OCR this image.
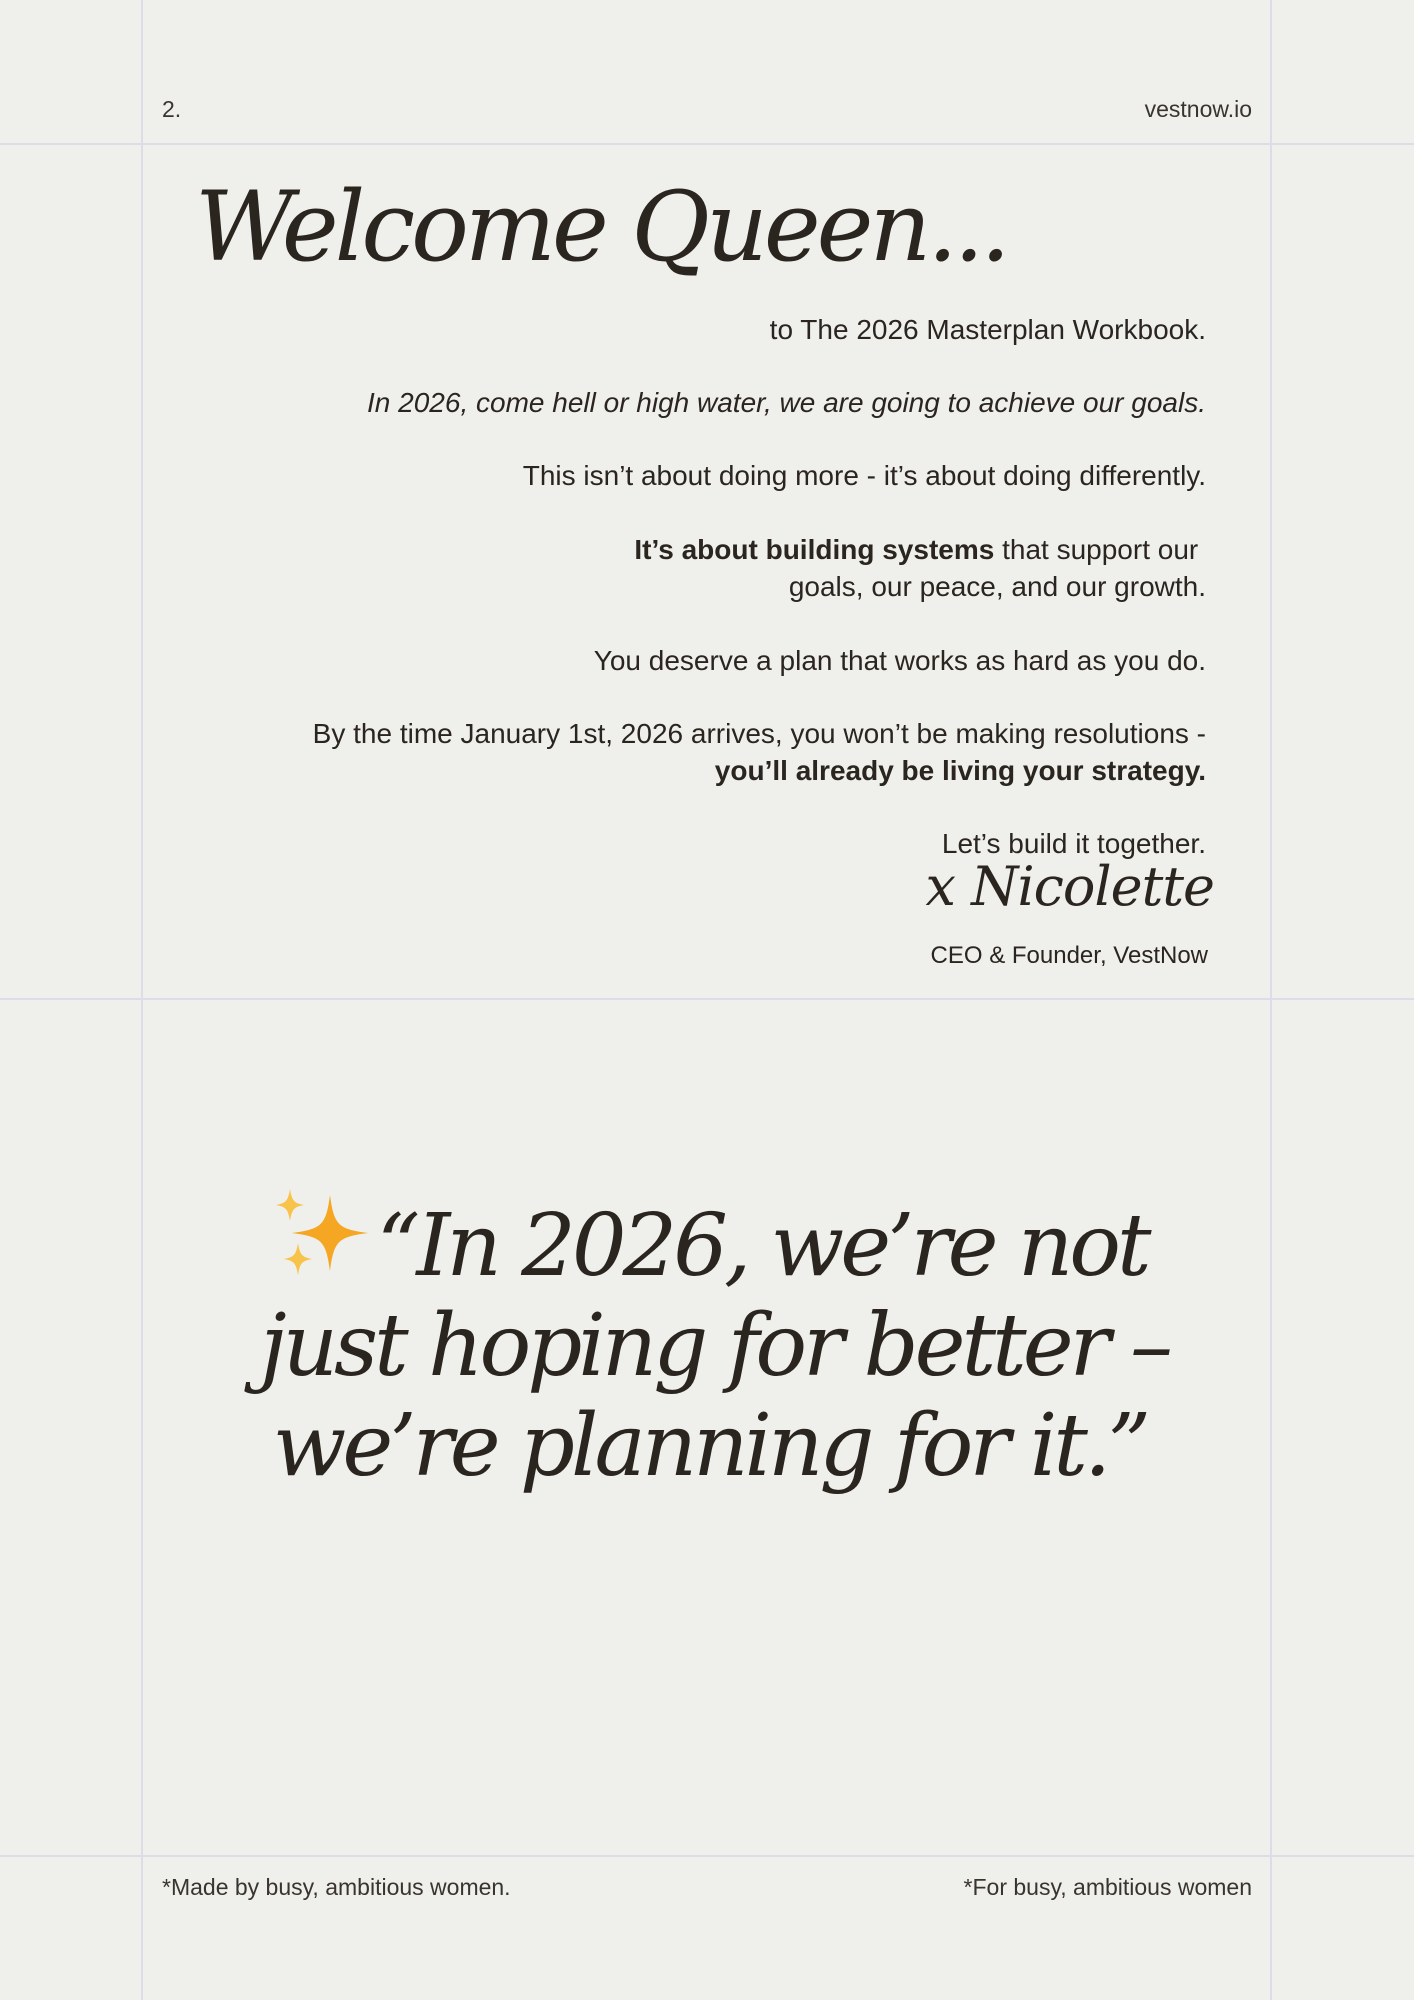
2.	vestnow.io
Welcome Queen...
to The 2026 Masterplan Workbook.
In 2026, come hell or high water, we are going to achieve our goals.
This isn’t about doing more - it’s about doing differently.
It’s about building systems that support our
goals, our peace, and our growth.
You deserve a plan that works as hard as you do.
By the time January 1st, 2026 arrives, you won’t be making resolutions -
you’ll already be living your strategy.
Let’s build it together.
x Nicolette
CEO & Founder, VestNow
“In 2026, we’re not
just hoping for better –
we’re planning for it.”
*Made by busy, ambitious women.	*For busy, ambitious women
